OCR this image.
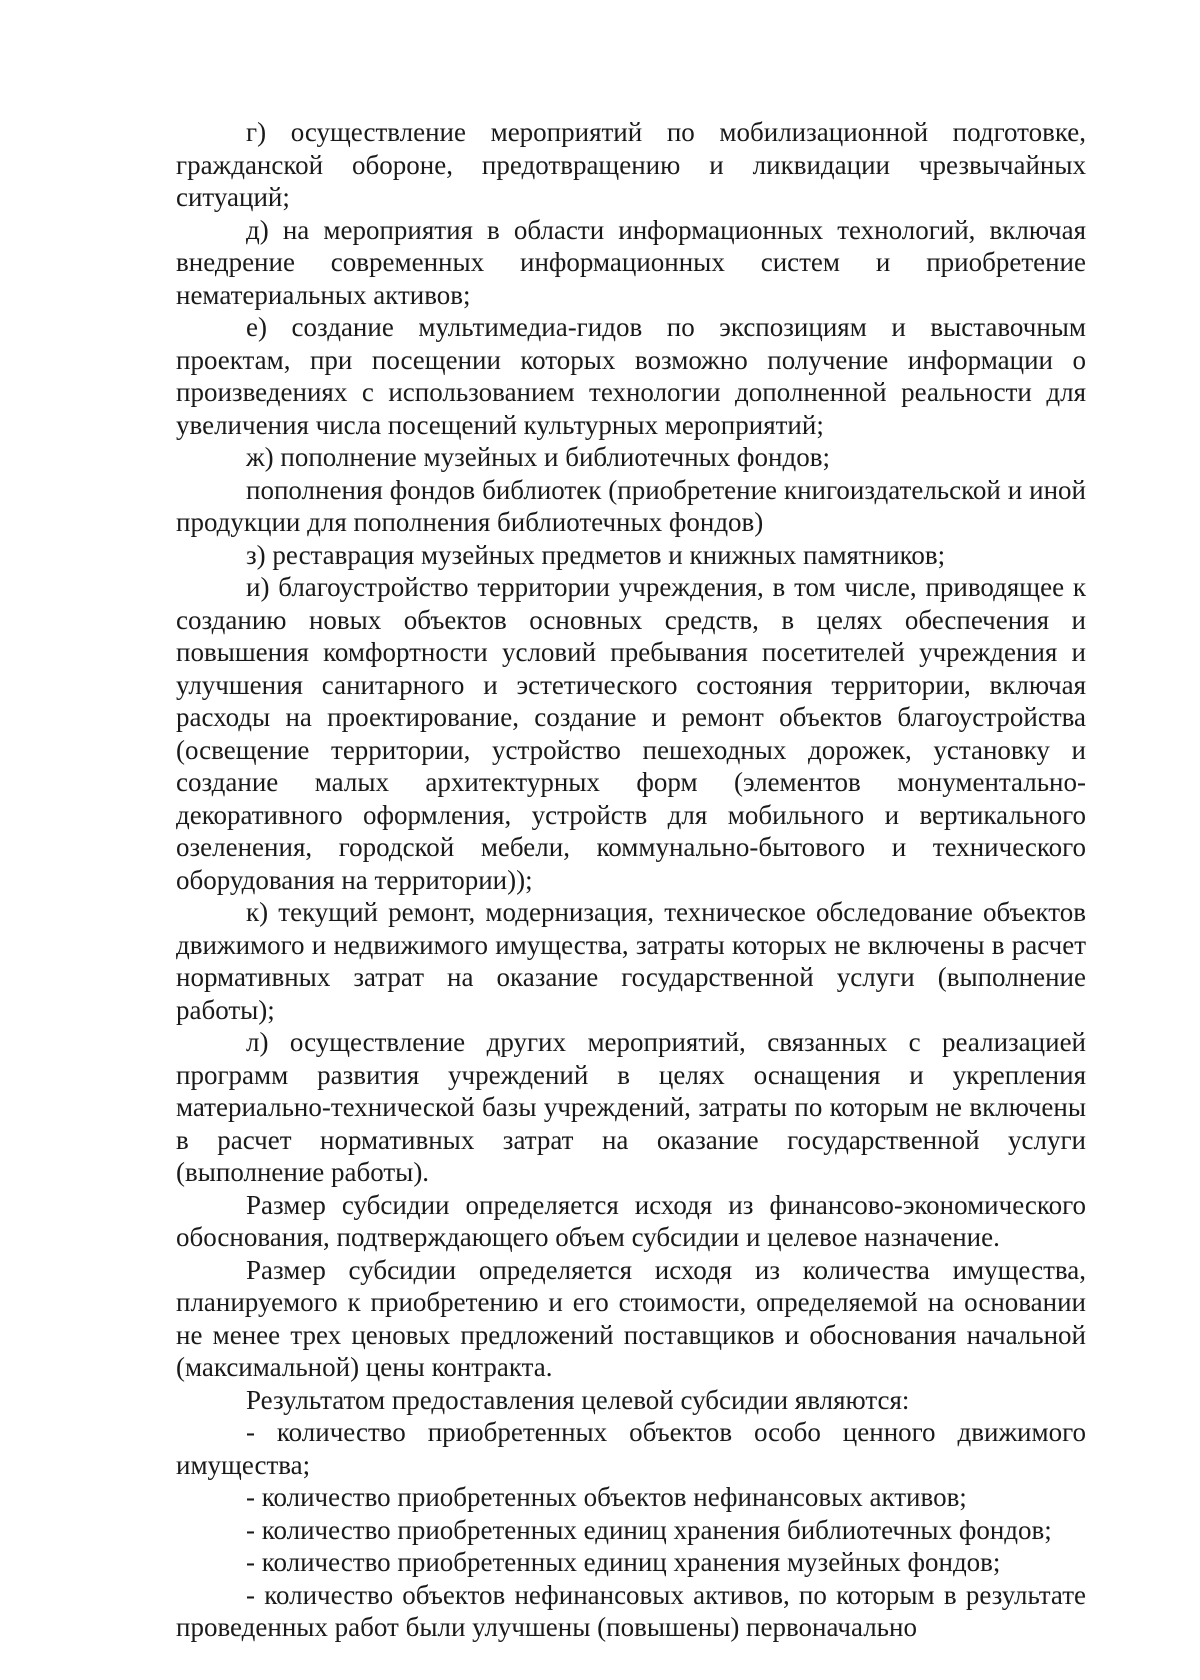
г) осуществление мероприятий по мобилизационной подготовке, гражданской обороне, предотвращению и ликвидации чрезвычайных ситуаций;

д) на мероприятия в области информационных технологий, включая внедрение современных информационных систем и приобретение нематериальных активов;

е) создание мультимедиа-гидов по экспозициям и выставочным проектам, при посещении которых возможно получение информации о произведениях с использованием технологии дополненной реальности для увеличения числа посещений культурных мероприятий;

ж) пополнение музейных и библиотечных фондов;

пополнения фондов библиотек (приобретение книгоиздательской и иной продукции для пополнения библиотечных фондов)

з) реставрация музейных предметов и книжных памятников;

и) благоустройство территории учреждения, в том числе, приводящее к созданию новых объектов основных средств, в целях обеспечения и повышения комфортности условий пребывания посетителей учреждения и улучшения санитарного и эстетического состояния территории, включая расходы на проектирование, создание и ремонт объектов благоустройства (освещение территории, устройство пешеходных дорожек, установку и создание малых архитектурных форм (элементов монументально-декоративного оформления, устройств для мобильного и вертикального озеленения, городской мебели, коммунально-бытового и технического оборудования на территории));

к) текущий ремонт, модернизация, техническое обследование объектов движимого и недвижимого имущества, затраты которых не включены в расчет нормативных затрат на оказание государственной услуги (выполнение работы);

л) осуществление других мероприятий, связанных с реализацией программ развития учреждений в целях оснащения и укрепления материально-технической базы учреждений, затраты по которым не включены в расчет нормативных затрат на оказание государственной услуги (выполнение работы).

Размер субсидии определяется исходя из финансово-экономического обоснования, подтверждающего объем субсидии и целевое назначение.

Размер субсидии определяется исходя из количества имущества, планируемого к приобретению и его стоимости, определяемой на основании не менее трех ценовых предложений поставщиков и обоснования начальной (максимальной) цены контракта.

Результатом предоставления целевой субсидии являются:

- количество приобретенных объектов особо ценного движимого имущества;

- количество приобретенных объектов нефинансовых активов;

- количество приобретенных единиц хранения библиотечных фондов;

- количество приобретенных единиц хранения музейных фондов;

- количество объектов нефинансовых активов, по которым в результате проведенных работ были улучшены (повышены) первоначально
